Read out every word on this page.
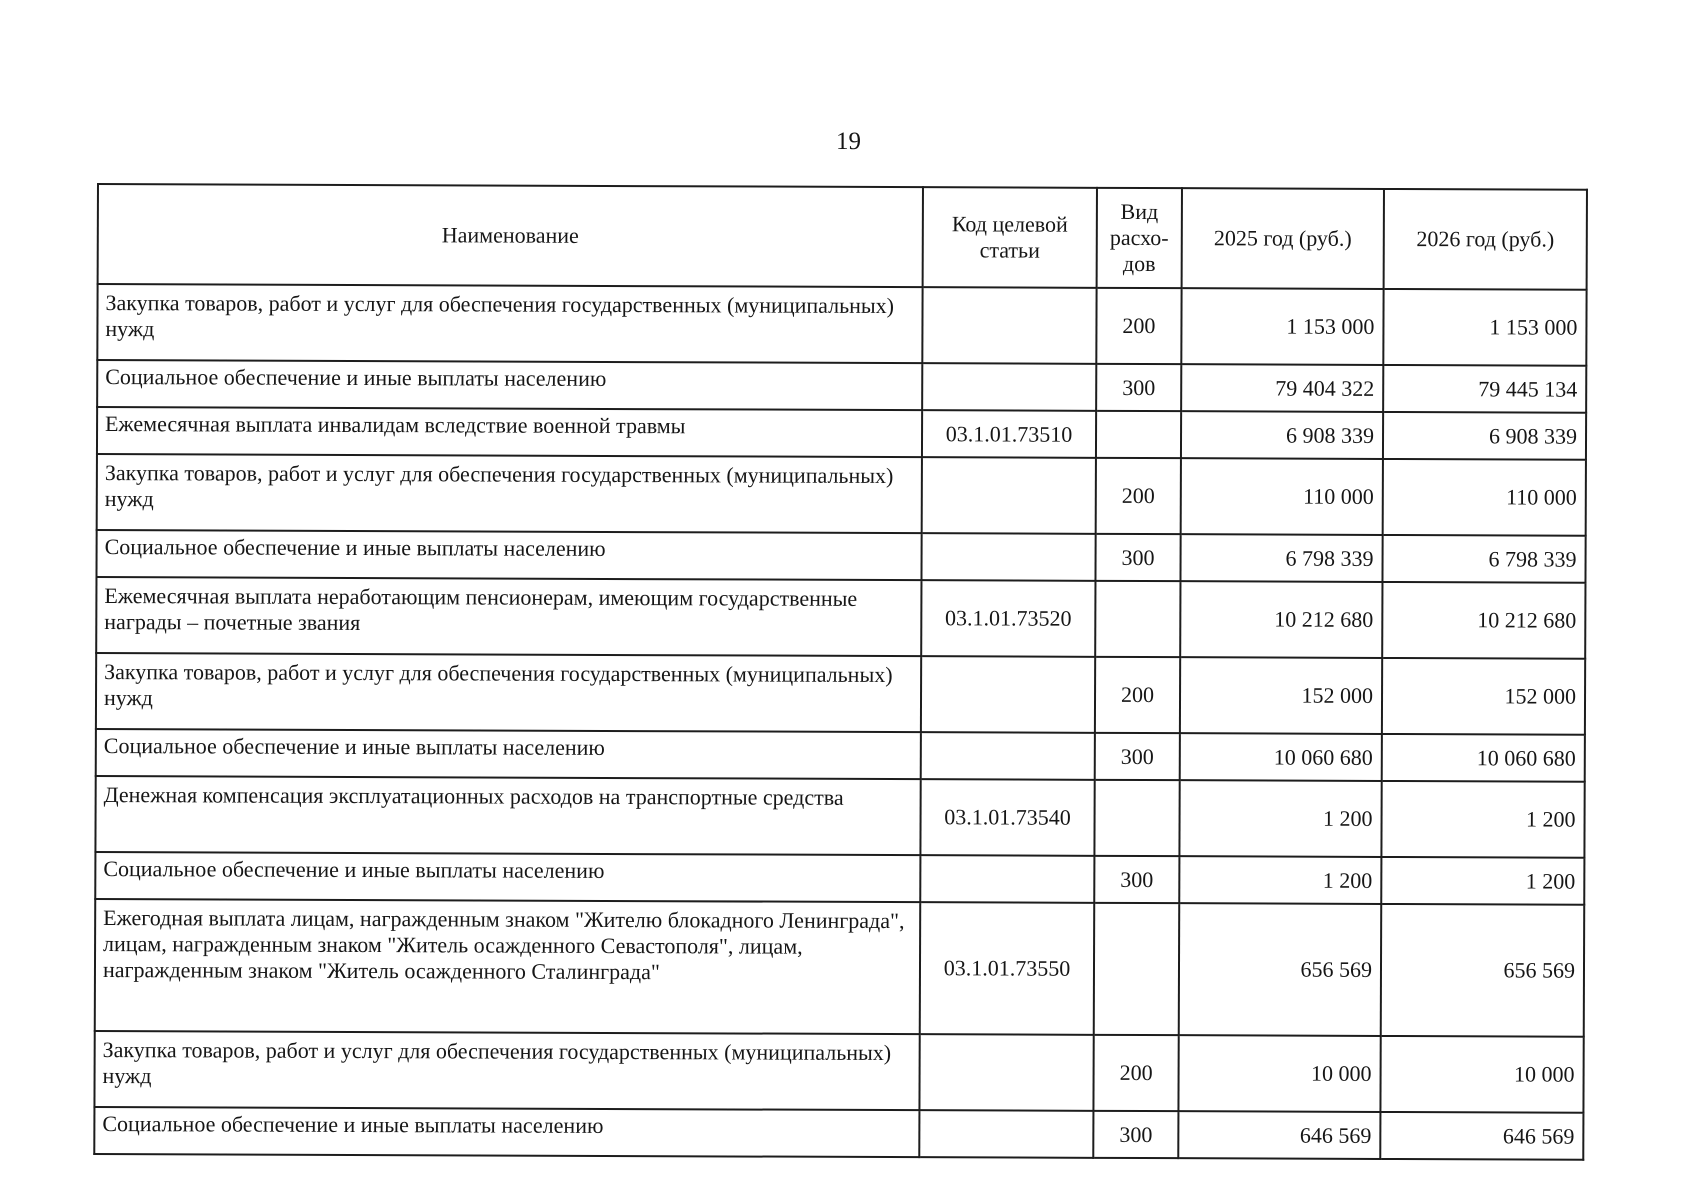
19
Наименование	Код целевой статьи	Вид расхо-дов	2025 год (руб.)	2026 год (руб.)
Закупка товаров, работ и услуг для обеспечения государственных (муниципальных) нужд		200	1 153 000	1 153 000
Социальное обеспечение и иные выплаты населению		300	79 404 322	79 445 134
Ежемесячная выплата инвалидам вследствие военной травмы	03.1.01.73510		6 908 339	6 908 339
Закупка товаров, работ и услуг для обеспечения государственных (муниципальных) нужд		200	110 000	110 000
Социальное обеспечение и иные выплаты населению		300	6 798 339	6 798 339
Ежемесячная выплата неработающим пенсионерам, имеющим государственные награды – почетные звания	03.1.01.73520		10 212 680	10 212 680
Закупка товаров, работ и услуг для обеспечения государственных (муниципальных) нужд		200	152 000	152 000
Социальное обеспечение и иные выплаты населению		300	10 060 680	10 060 680
Денежная компенсация эксплуатационных расходов на транспортные средства	03.1.01.73540		1 200	1 200
Социальное обеспечение и иные выплаты населению		300	1 200	1 200
Ежегодная выплата лицам, награжденным знаком "Жителю блокадного Ленинграда", лицам, награжденным знаком "Житель осажденного Севастополя", лицам, награжденным знаком "Житель осажденного Сталинграда"	03.1.01.73550		656 569	656 569
Закупка товаров, работ и услуг для обеспечения государственных (муниципальных) нужд		200	10 000	10 000
Социальное обеспечение и иные выплаты населению		300	646 569	646 569
